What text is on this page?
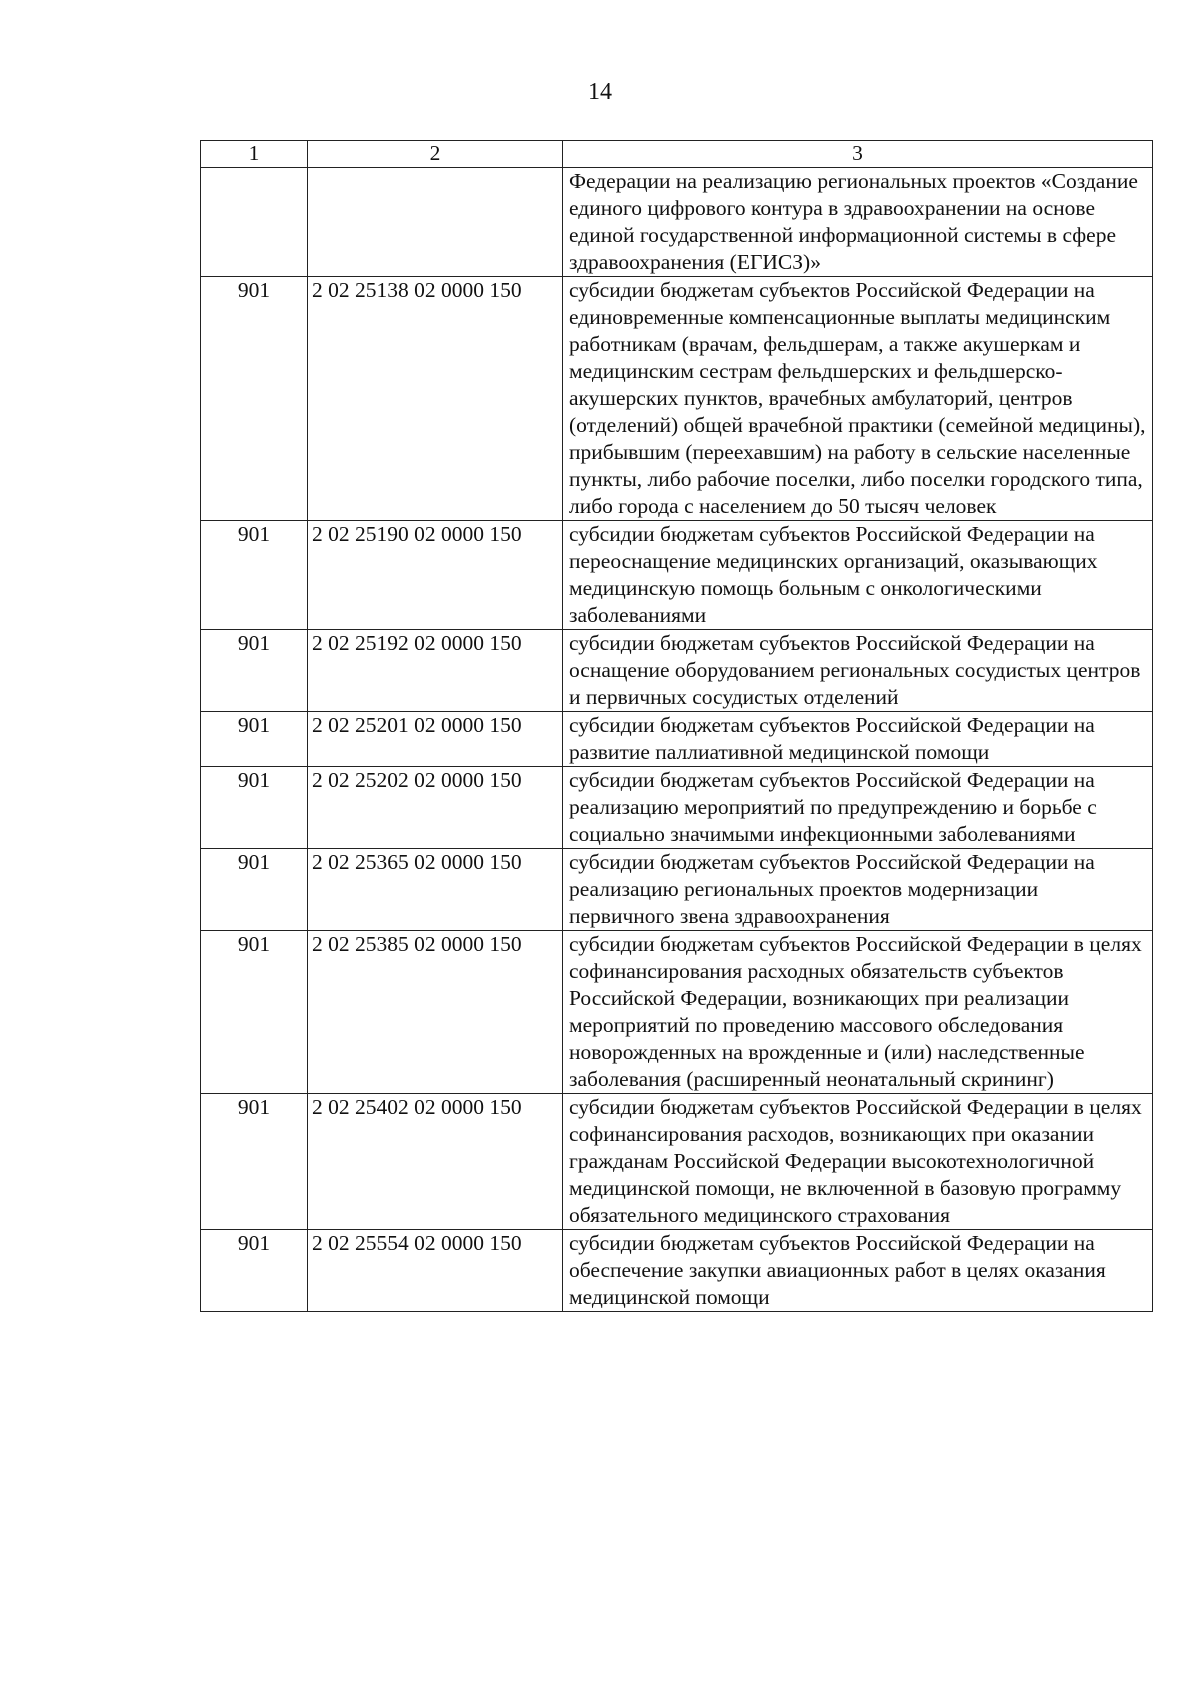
14
1	2	3
		Федерации на реализацию региональных проектов «Создание единого цифрового контура в здравоохранении на основе единой государственной информационной системы в сфере здравоохранения (ЕГИСЗ)»
901	2 02 25138 02 0000 150	субсидии бюджетам субъектов Российской Федерации на единовременные компенсационные выплаты медицинским работникам (врачам, фельдшерам, а также акушеркам и медицинским сестрам фельдшерских и фельдшерско-акушерских пунктов, врачебных амбулаторий, центров (отделений) общей врачебной практики (семейной медицины), прибывшим (переехавшим) на работу в сельские населенные пункты, либо рабочие поселки, либо поселки городского типа, либо города с населением до 50 тысяч человек
901	2 02 25190 02 0000 150	субсидии бюджетам субъектов Российской Федерации на переоснащение медицинских организаций, оказывающих медицинскую помощь больным с онкологическими заболеваниями
901	2 02 25192 02 0000 150	субсидии бюджетам субъектов Российской Федерации на оснащение оборудованием региональных сосудистых центров и первичных сосудистых отделений
901	2 02 25201 02 0000 150	субсидии бюджетам субъектов Российской Федерации на развитие паллиативной медицинской помощи
901	2 02 25202 02 0000 150	субсидии бюджетам субъектов Российской Федерации на реализацию мероприятий по предупреждению и борьбе с социально значимыми инфекционными заболеваниями
901	2 02 25365 02 0000 150	субсидии бюджетам субъектов Российской Федерации на реализацию региональных проектов модернизации первичного звена здравоохранения
901	2 02 25385 02 0000 150	субсидии бюджетам субъектов Российской Федерации в целях софинансирования расходных обязательств субъектов Российской Федерации, возникающих при реализации мероприятий по проведению массового обследования новорожденных на врожденные и (или) наследственные заболевания (расширенный неонатальный скрининг)
901	2 02 25402 02 0000 150	субсидии бюджетам субъектов Российской Федерации в целях софинансирования расходов, возникающих при оказании гражданам Российской Федерации высокотехнологичной медицинской помощи, не включенной в базовую программу обязательного медицинского страхования
901	2 02 25554 02 0000 150	субсидии бюджетам субъектов Российской Федерации на обеспечение закупки авиационных работ в целях оказания медицинской помощи
